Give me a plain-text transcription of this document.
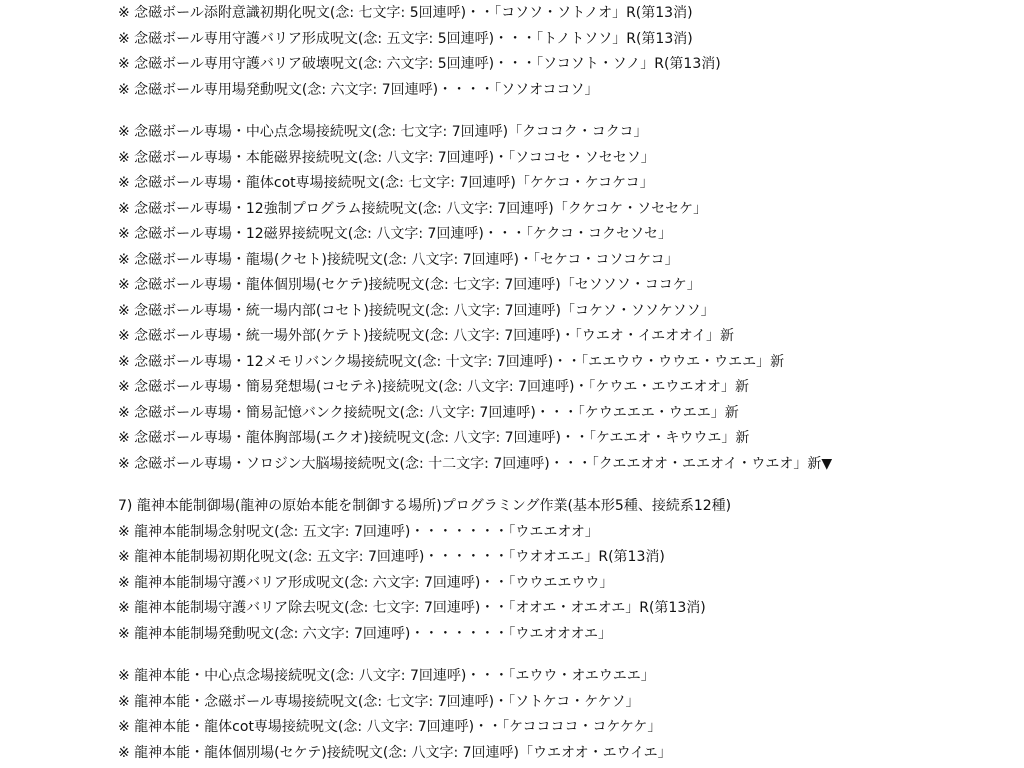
※ 念磁ボール添附意識初期化呪文(念: 七文字: 5回連呼)・・「コソソ・ソトノオ」R(第13消)
※ 念磁ボール専用守護バリア形成呪文(念: 五文字: 5回連呼)・・・「トノトソソ」R(第13消)
※ 念磁ボール専用守護バリア破壊呪文(念: 六文字: 5回連呼)・・・「ソコソト・ソノ」R(第13消)
※ 念磁ボール専用場発動呪文(念: 六文字: 7回連呼)・・・・「ソソオココソ」
※ 念磁ボール専場・中心点念場接続呪文(念: 七文字: 7回連呼)「クココク・コクコ」
※ 念磁ボール専場・本能磁界接続呪文(念: 八文字: 7回連呼)・「ソココセ・ソセセソ」
※ 念磁ボール専場・龍体cot専場接続呪文(念: 七文字: 7回連呼)「ケケコ・ケコケコ」
※ 念磁ボール専場・12強制プログラム接続呪文(念: 八文字: 7回連呼)「クケコケ・ソセセケ」
※ 念磁ボール専場・12磁界接続呪文(念: 八文字: 7回連呼)・・・「ケクコ・コクセソセ」
※ 念磁ボール専場・龍場(クセト)接続呪文(念: 八文字: 7回連呼)・「セケコ・コソコケコ」
※ 念磁ボール専場・龍体個別場(セケテ)接続呪文(念: 七文字: 7回連呼)「セソソソ・ココケ」
※ 念磁ボール専場・統一場内部(コセト)接続呪文(念: 八文字: 7回連呼)「コケソ・ソソケソソ」
※ 念磁ボール専場・統一場外部(ケテト)接続呪文(念: 八文字: 7回連呼)・「ウエオ・イエオオイ」新
※ 念磁ボール専場・12メモリバンク場接続呪文(念: 十文字: 7回連呼)・・「エエウウ・ウウエ・ウエエ」新
※ 念磁ボール専場・簡易発想場(コセテネ)接続呪文(念: 八文字: 7回連呼)・「ケウエ・エウエオオ」新
※ 念磁ボール専場・簡易記憶バンク接続呪文(念: 八文字: 7回連呼)・・・「ケウエエエ・ウエエ」新
※ 念磁ボール専場・龍体胸部場(エクオ)接続呪文(念: 八文字: 7回連呼)・・「ケエエオ・キウウエ」新
※ 念磁ボール専場・ソロジン大脳場接続呪文(念: 十二文字: 7回連呼)・・・「クエエオオ・エエオイ・ウエオ」新▼
7) 龍神本能制御場(龍神の原始本能を制御する場所)プログラミング作業(基本形5種、接続系12種)
※ 龍神本能制場念射呪文(念: 五文字: 7回連呼)・・・・・・・「ウエエオオ」
※ 龍神本能制場初期化呪文(念: 五文字: 7回連呼)・・・・・・「ウオオエエ」R(第13消)
※ 龍神本能制場守護バリア形成呪文(念: 六文字: 7回連呼)・・「ウウエエウウ」
※ 龍神本能制場守護バリア除去呪文(念: 七文字: 7回連呼)・・「オオエ・オエオエ」R(第13消)
※ 龍神本能制場発動呪文(念: 六文字: 7回連呼)・・・・・・・「ウエオオオエ」
※ 龍神本能・中心点念場接続呪文(念: 八文字: 7回連呼)・・・「エウウ・オエウエエ」
※ 龍神本能・念磁ボール専場接続呪文(念: 七文字: 7回連呼)・「ソトケコ・ケケソ」
※ 龍神本能・龍体cot専場接続呪文(念: 八文字: 7回連呼)・・「ケココココ・コケケケ」
※ 龍神本能・龍体個別場(セケテ)接続呪文(念: 八文字: 7回連呼)「ウエオオ・エウイエ」
